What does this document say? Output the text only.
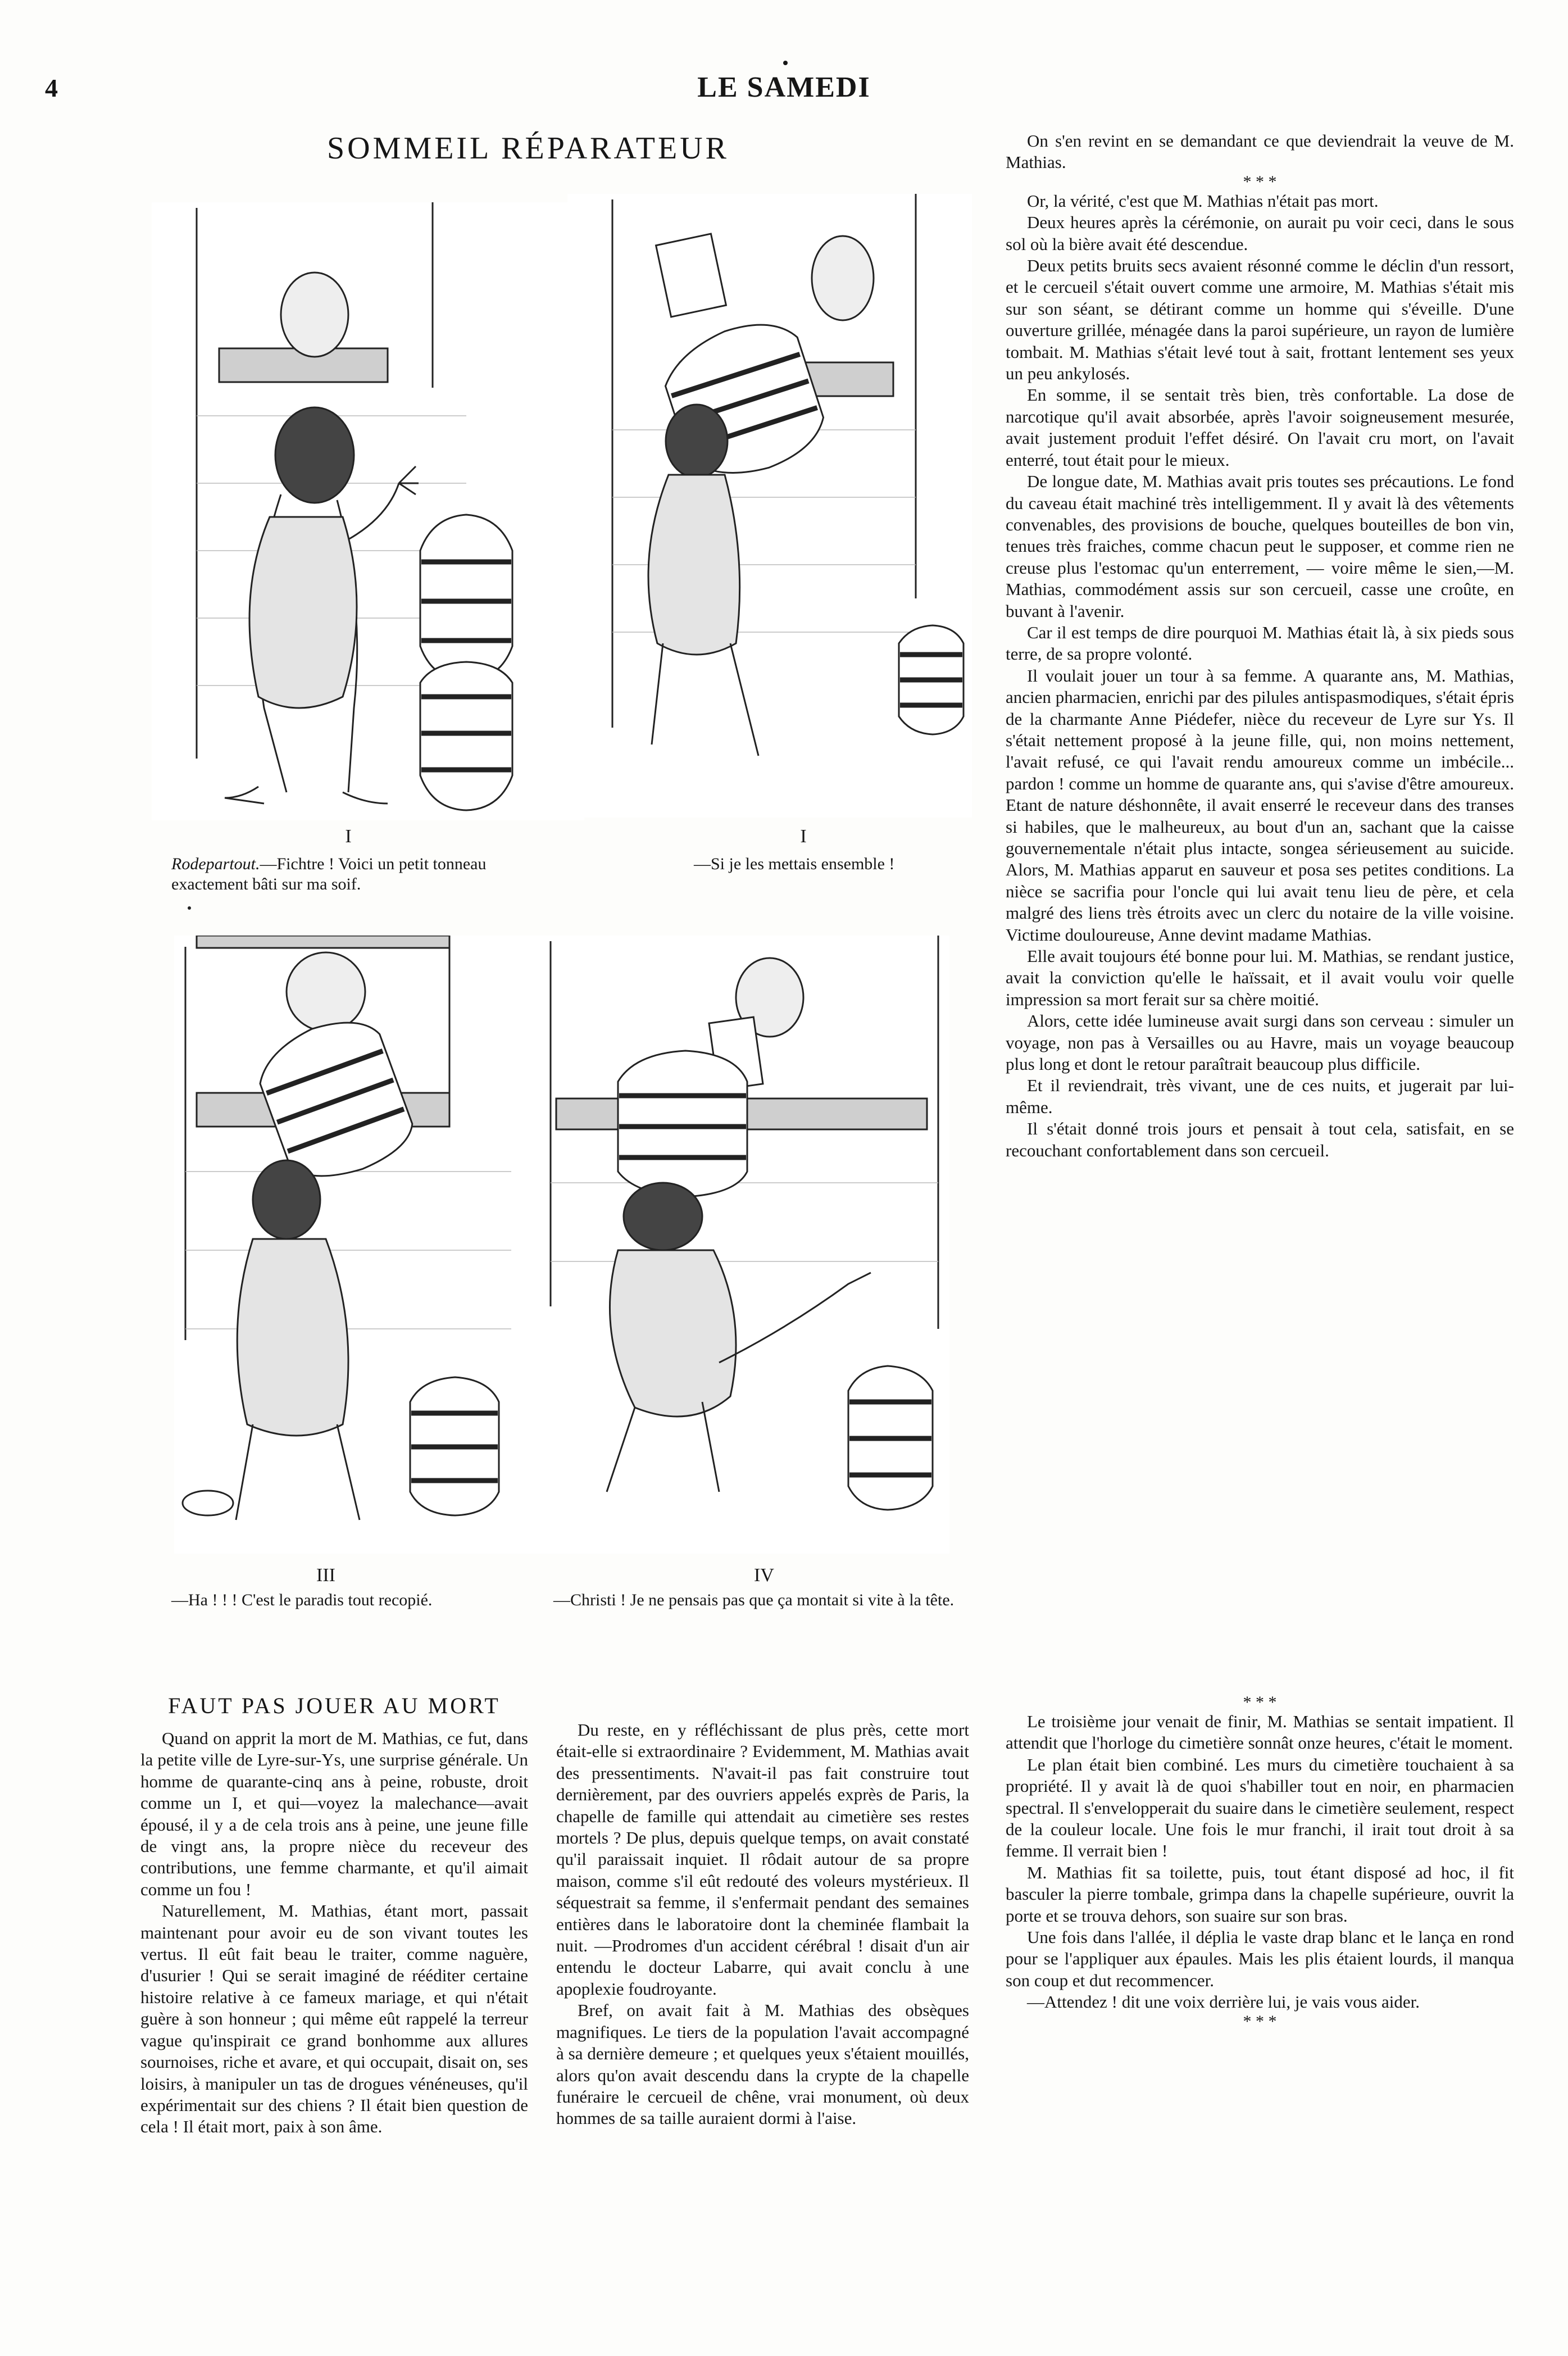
4	LE SAMEDI
SOMMEIL RÉPARATEUR
I
Rodepartout.—Fichtre ! Voici un petit tonneau exactement bâti sur ma soif.
I
—Si je les mettais ensemble !
III
—Ha ! ! ! C'est le paradis tout recopié.
IV
—Christi ! Je ne pensais pas que ça montait si vite à la tête.

On s'en revint en se demandant ce que deviendrait la veuve de M. Mathias.

* * *

Or, la vérité, c'est que M. Mathias n'était pas mort.

Deux heures après la cérémonie, on aurait pu voir ceci, dans le sous sol où la bière avait été descendue.

Deux petits bruits secs avaient résonné comme le déclin d'un ressort, et le cercueil s'était ouvert comme une armoire, M. Mathias s'était mis sur son séant, se détirant comme un homme qui s'éveille. D'une ouverture grillée, ménagée dans la paroi supérieure, un rayon de lumière tombait. M. Mathias s'était levé tout à sait, frottant lentement ses yeux un peu ankylosés.

En somme, il se sentait très bien, très confortable. La dose de narcotique qu'il avait absorbée, après l'avoir soigneusement mesurée, avait justement produit l'effet désiré. On l'avait cru mort, on l'avait enterré, tout était pour le mieux.

De longue date, M. Mathias avait pris toutes ses précautions. Le fond du caveau était machiné très intelligemment. Il y avait là des vêtements convenables, des provisions de bouche, quelques bouteilles de bon vin, tenues très fraiches, comme chacun peut le supposer, et comme rien ne creuse plus l'estomac qu'un enterrement, — voire même le sien,—M. Mathias, commodément assis sur son cercueil, casse une croûte, en buvant à l'avenir.

Car il est temps de dire pourquoi M. Mathias était là, à six pieds sous terre, de sa propre volonté.

Il voulait jouer un tour à sa femme. A quarante ans, M. Mathias, ancien pharmacien, enrichi par des pilules antispasmodiques, s'était épris de la charmante Anne Piédefer, nièce du receveur de Lyre sur Ys. Il s'était nettement proposé à la jeune fille, qui, non moins nettement, l'avait refusé, ce qui l'avait rendu amoureux comme un imbécile... pardon ! comme un homme de quarante ans, qui s'avise d'être amoureux. Etant de nature déshonnête, il avait enserré le receveur dans des transes si habiles, que le malheureux, au bout d'un an, sachant que la caisse gouvernementale n'était plus intacte, songea sérieusement au suicide. Alors, M. Mathias apparut en sauveur et posa ses petites conditions. La nièce se sacrifia pour l'oncle qui lui avait tenu lieu de père, et cela malgré des liens très étroits avec un clerc du notaire de la ville voisine. Victime douloureuse, Anne devint madame Mathias.

Elle avait toujours été bonne pour lui. M. Mathias, se rendant justice, avait la conviction qu'elle le haïssait, et il avait voulu voir quelle impression sa mort ferait sur sa chère moitié.

Alors, cette idée lumineuse avait surgi dans son cerveau : simuler un voyage, non pas à Versailles ou au Havre, mais un voyage beaucoup plus long et dont le retour paraîtrait beaucoup plus difficile.

Et il reviendrait, très vivant, une de ces nuits, et jugerait par lui-même.

Il s'était donné trois jours et pensait à tout cela, satisfait, en se recouchant confortablement dans son cercueil.

FAUT PAS JOUER AU MORT

Quand on apprit la mort de M. Mathias, ce fut, dans la petite ville de Lyre-sur-Ys, une surprise générale. Un homme de quarante-cinq ans à peine, robuste, droit comme un I, et qui—voyez la malechance—avait épousé, il y a de cela trois ans à peine, une jeune fille de vingt ans, la propre nièce du receveur des contributions, une femme charmante, et qu'il aimait comme un fou !

Naturellement, M. Mathias, étant mort, passait maintenant pour avoir eu de son vivant toutes les vertus. Il eût fait beau le traiter, comme naguère, d'usurier ! Qui se serait imaginé de rééditer certaine histoire relative à ce fameux mariage, et qui n'était guère à son honneur ; qui même eût rappelé la terreur vague qu'inspirait ce grand bonhomme aux allures sournoises, riche et avare, et qui occupait, disait on, ses loisirs, à manipuler un tas de drogues vénéneuses, qu'il expérimentait sur des chiens ? Il était bien question de cela ! Il était mort, paix à son âme.

Du reste, en y réfléchissant de plus près, cette mort était-elle si extraordinaire ? Evidemment, M. Mathias avait des pressentiments. N'avait-il pas fait construire tout dernièrement, par des ouvriers appelés exprès de Paris, la chapelle de famille qui attendait au cimetière ses restes mortels ? De plus, depuis quelque temps, on avait constaté qu'il paraissait inquiet. Il rôdait autour de sa propre maison, comme s'il eût redouté des voleurs mystérieux. Il séquestrait sa femme, il s'enfermait pendant des semaines entières dans le laboratoire dont la cheminée flambait la nuit. —Prodromes d'un accident cérébral ! disait d'un air entendu le docteur Labarre, qui avait conclu à une apoplexie foudroyante.

Bref, on avait fait à M. Mathias des obsèques magnifiques. Le tiers de la population l'avait accompagné à sa dernière demeure ; et quelques yeux s'étaient mouillés, alors qu'on avait descendu dans la crypte de la chapelle funéraire le cercueil de chêne, vrai monument, où deux hommes de sa taille auraient dormi à l'aise.

* * *

Le troisième jour venait de finir, M. Mathias se sentait impatient. Il attendit que l'horloge du cimetière sonnât onze heures, c'était le moment.

Le plan était bien combiné. Les murs du cimetière touchaient à sa propriété. Il y avait là de quoi s'habiller tout en noir, en pharmacien spectral. Il s'envelopperait du suaire dans le cimetière seulement, respect de la couleur locale. Une fois le mur franchi, il irait tout droit à sa femme. Il verrait bien !

M. Mathias fit sa toilette, puis, tout étant disposé ad hoc, il fit basculer la pierre tombale, grimpa dans la chapelle supérieure, ouvrit la porte et se trouva dehors, son suaire sur son bras.

Une fois dans l'allée, il déplia le vaste drap blanc et le lança en rond pour se l'appliquer aux épaules. Mais les plis étaient lourds, il manqua son coup et dut recommencer.

—Attendez ! dit une voix derrière lui, je vais vous aider.

* * *
